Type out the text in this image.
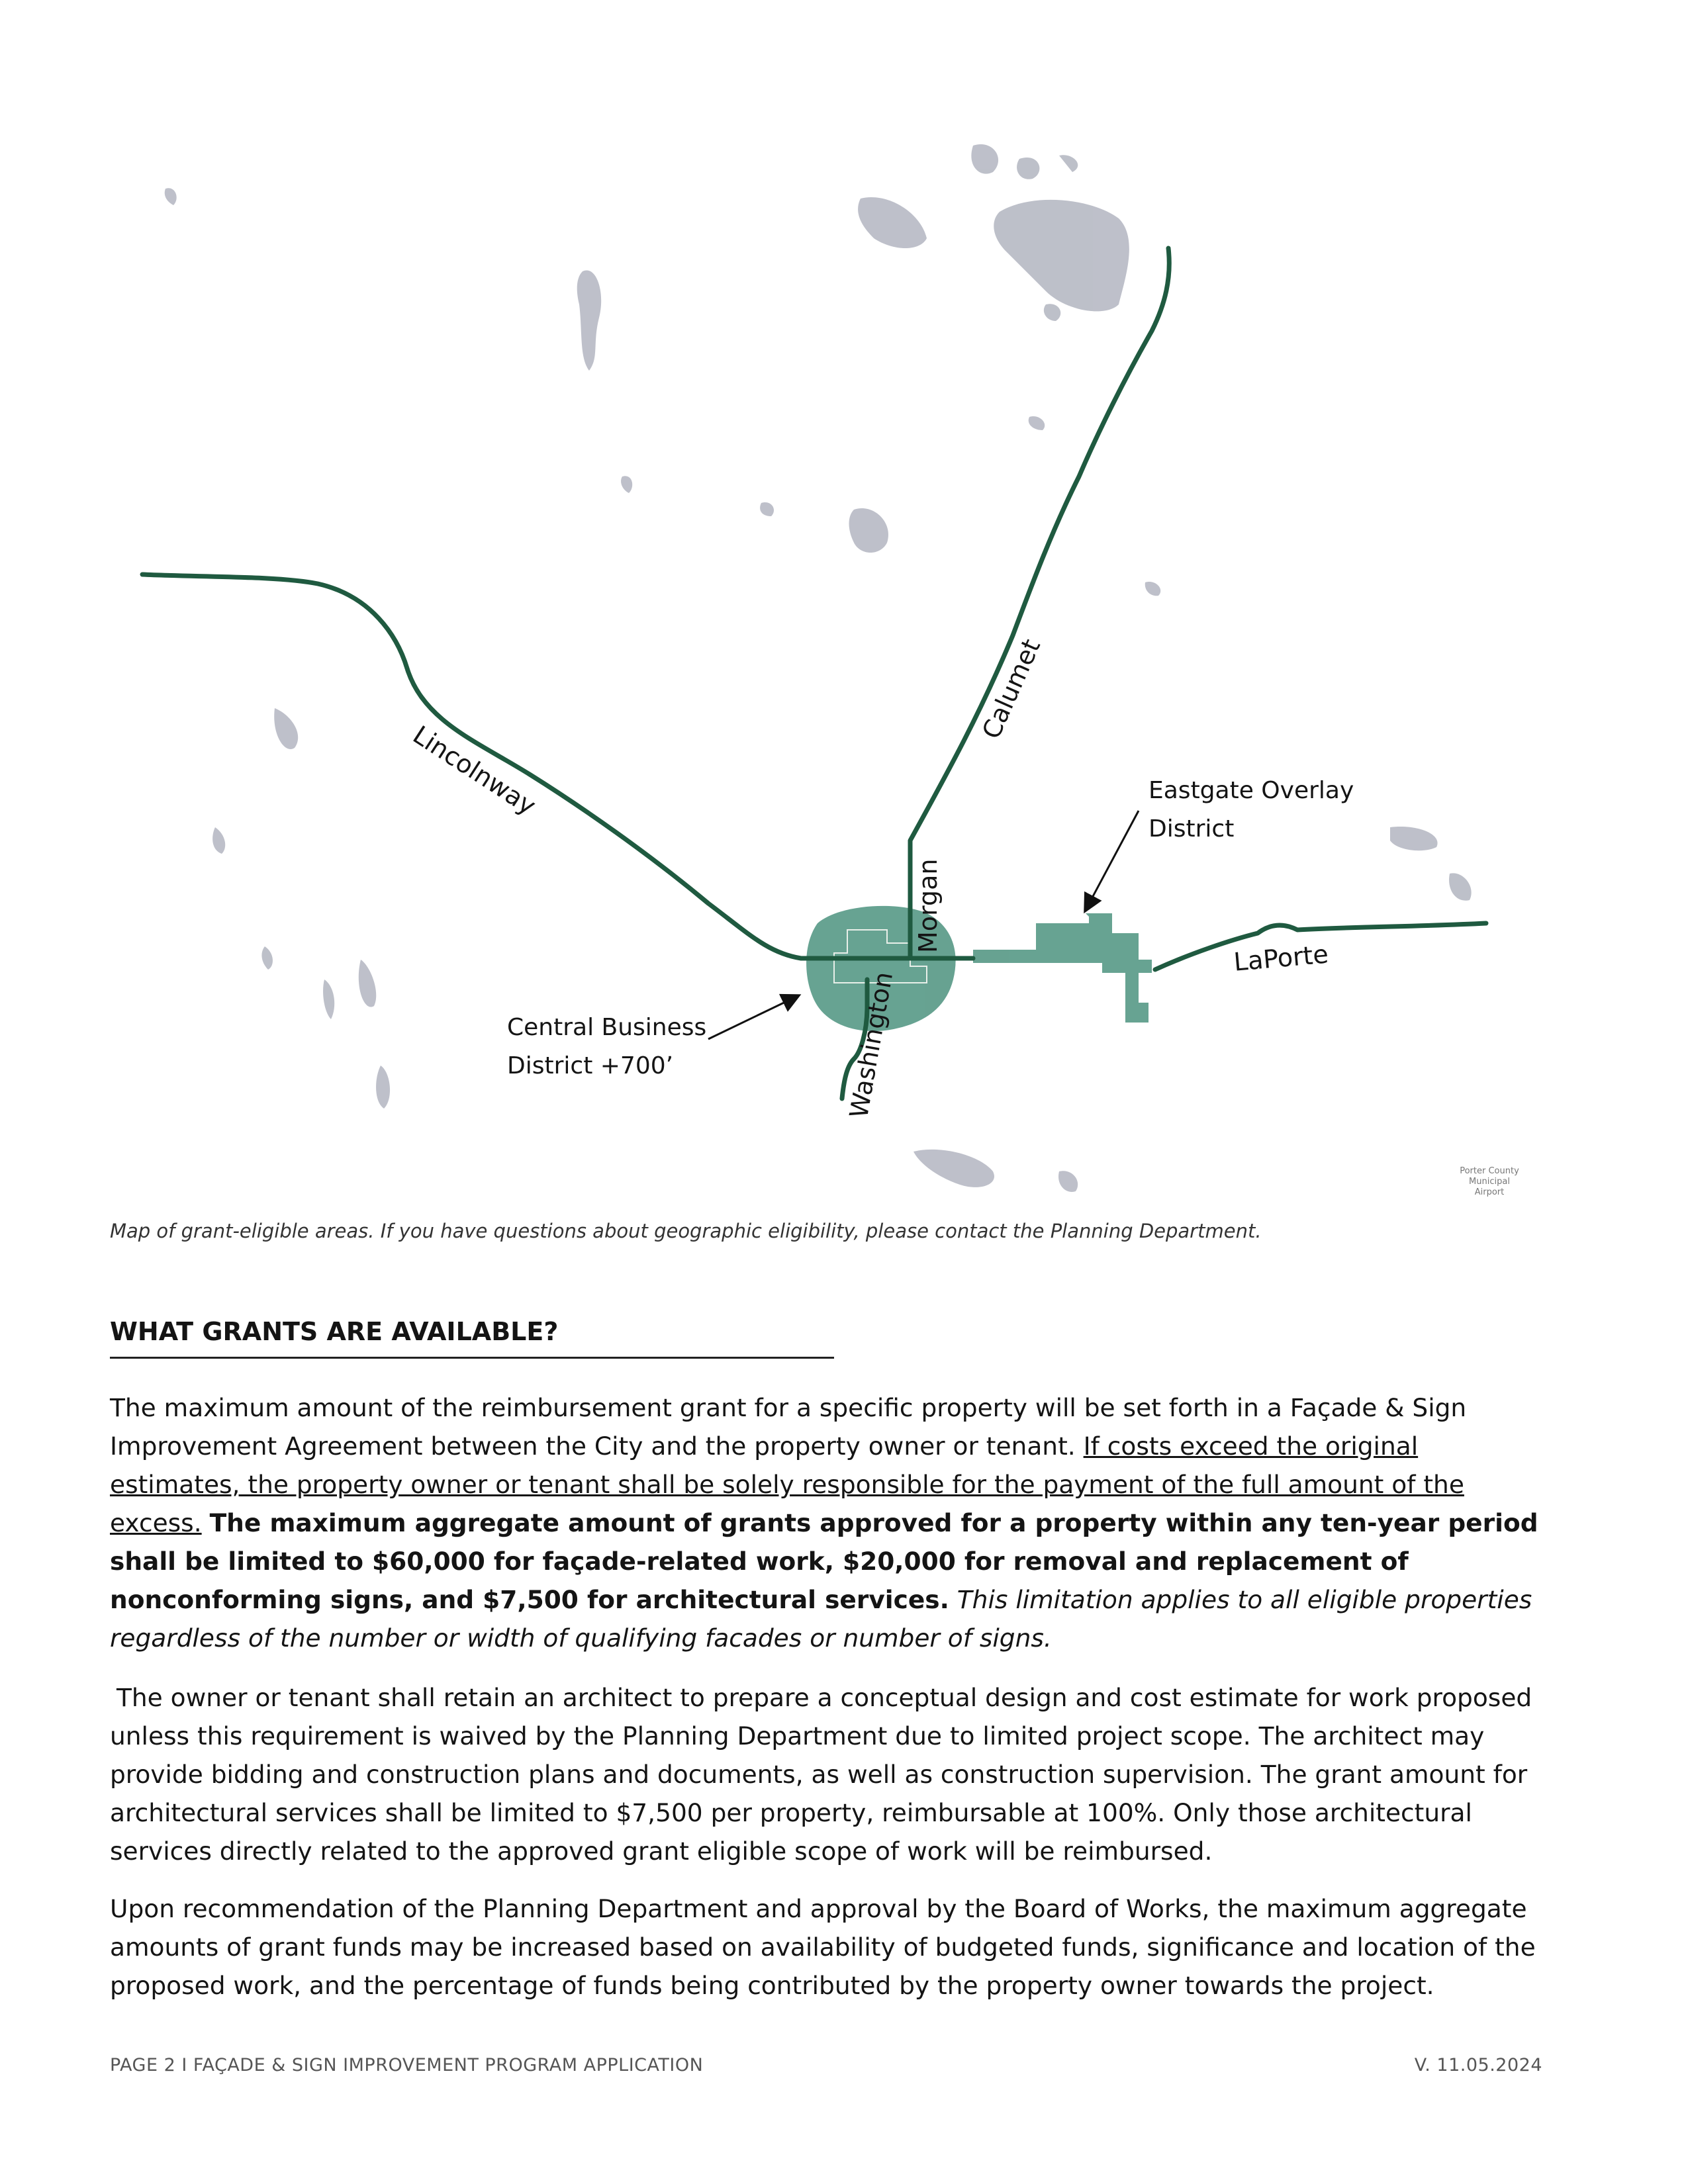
Lincolnway
Calumet
Morgan
Washington
LaPorte
Eastgate Overlay
District
Central Business
District +700’
Porter County
Municipal
Airport
Map of grant-eligible areas. If you have questions about geographic eligibility, please contact the Planning Department.
WHAT GRANTS ARE AVAILABLE?
The maximum amount of the reimbursement grant for a specific property will be set forth in a Façade & Sign Improvement Agreement between the City and the property owner or tenant. If costs exceed the original estimates, the property owner or tenant shall be solely responsible for the payment of the full amount of the excess. The maximum aggregate amount of grants approved for a property within any ten-year period shall be limited to $60,000 for façade-related work, $20,000 for removal and replacement of nonconforming signs, and $7,500 for architectural services. This limitation applies to all eligible properties regardless of the number or width of qualifying facades or number of signs.
The owner or tenant shall retain an architect to prepare a conceptual design and cost estimate for work proposed unless this requirement is waived by the Planning Department due to limited project scope. The architect may provide bidding and construction plans and documents, as well as construction supervision. The grant amount for architectural services shall be limited to $7,500 per property, reimbursable at 100%. Only those architectural services directly related to the approved grant eligible scope of work will be reimbursed.
Upon recommendation of the Planning Department and approval by the Board of Works, the maximum aggregate amounts of grant funds may be increased based on availability of budgeted funds, significance and location of the proposed work, and the percentage of funds being contributed by the property owner towards the project.
PAGE 2 I FAÇADE & SIGN IMPROVEMENT PROGRAM APPLICATION	V. 11.05.2024
